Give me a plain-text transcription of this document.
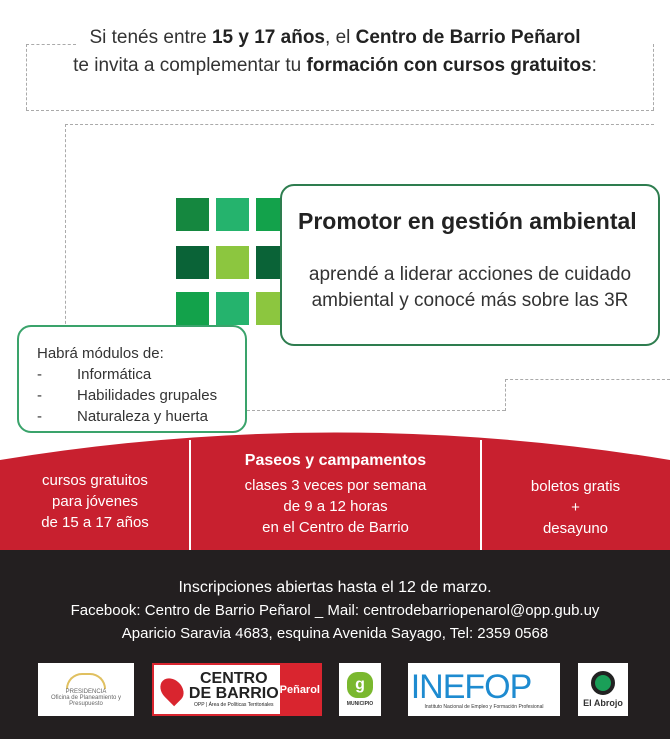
Si tenés entre 15 y 17 años, el Centro de Barrio Peñarol
te invita a complementar tu formación con cursos gratuitos:
Promotor en gestión ambiental

aprendé a liderar acciones de cuidado
ambiental y conocé más sobre las 3R

Habrá módulos de:
-	Informática
-	Habilidades grupales
-	Naturaleza y huerta
cursos gratuitos
para jóvenes
de 15 a 17 años
Paseos y campamentos
clases 3 veces por semana
de 9 a 12 horas
en el Centro de Barrio
boletos gratis
+
desayuno
Inscripciones abiertas hasta el 12 de marzo.
Facebook: Centro de Barrio Peñarol _ Mail: centrodebarriopenarol@opp.gub.uy
Aparicio Saravia 4683, esquina Avenida Sayago, Tel: 2359 0568
PRESIDENCIA
Oficina de Planeamiento y Presupuesto
CENTRO
DE BARRIO
OPP | Área de Políticas Territoriales
Peñarol	g
MUNICIPIO INEFOP
Instituto Nacional de Empleo y Formación Profesional	El Abrojo
